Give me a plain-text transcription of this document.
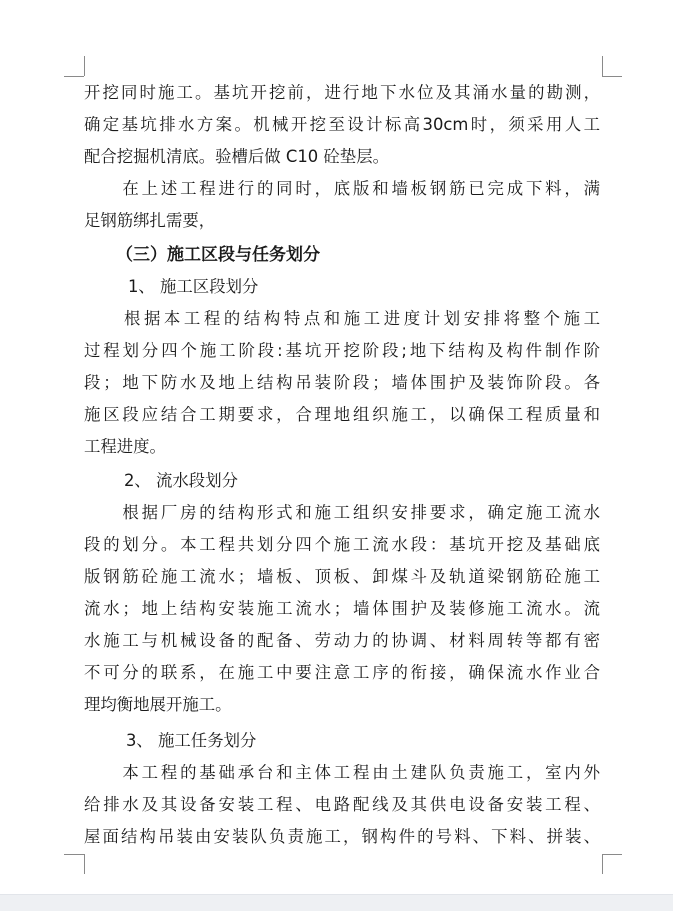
开挖同时施工。基坑开挖前，进行地下水位及其涌水量的勘测，
确定基坑排水方案。机械开挖至设计标高30cm时，须采用人工
配合挖掘机清底。验槽后做 C10 砼垫层。
　　在上述工程进行的同时，底版和墙板钢筋已完成下料，满
足钢筋绑扎需要，
（三）施工区段与任务划分
1、 施工区段划分
　　根据本工程的结构特点和施工进度计划安排将整个施工
过程划分四个施工阶段:基坑开挖阶段;地下结构及构件制作阶
段；地下防水及地上结构吊装阶段；墙体围护及装饰阶段。各
施区段应结合工期要求，合理地组织施工，以确保工程质量和
工程进度。
2、 流水段划分
　　根据厂房的结构形式和施工组织安排要求，确定施工流水
段的划分。本工程共划分四个施工流水段：基坑开挖及基础底
版钢筋砼施工流水；墙板、顶板、卸煤斗及轨道梁钢筋砼施工
流水；地上结构安装施工流水；墙体围护及装修施工流水。流
水施工与机械设备的配备、劳动力的协调、材料周转等都有密
不可分的联系，在施工中要注意工序的衔接，确保流水作业合
理均衡地展开施工。
3、 施工任务划分
　　本工程的基础承台和主体工程由土建队负责施工，室内外
给排水及其设备安装工程、电路配线及其供电设备安装工程、
屋面结构吊装由安装队负责施工，钢构件的号料、下料、拼装、
